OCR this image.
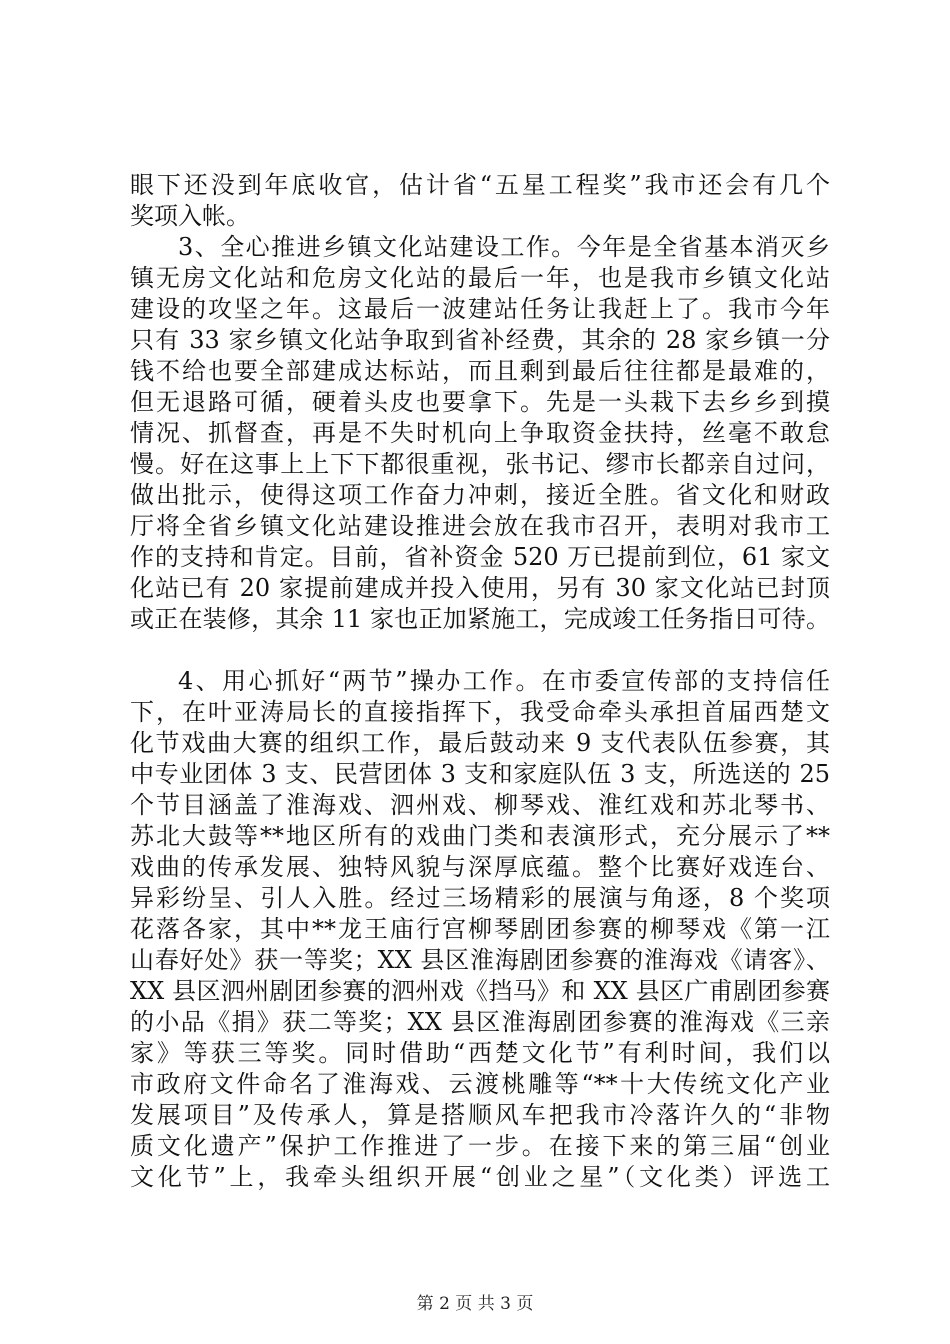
眼下还没到年底收官，估计省“五星工程奖”我市还会有几个
奖项入帐。
3、全心推进乡镇文化站建设工作。今年是全省基本消灭乡
镇无房文化站和危房文化站的最后一年，也是我市乡镇文化站
建设的攻坚之年。这最后一波建站任务让我赶上了。我市今年
只有 33 家乡镇文化站争取到省补经费，其余的 28 家乡镇一分
钱不给也要全部建成达标站，而且剩到最后往往都是最难的，
但无退路可循，硬着头皮也要拿下。先是一头栽下去乡乡到摸
情况、抓督查，再是不失时机向上争取资金扶持，丝毫不敢怠
慢。好在这事上上下下都很重视，张书记、缪市长都亲自过问，
做出批示，使得这项工作奋力冲刺，接近全胜。省文化和财政
厅将全省乡镇文化站建设推进会放在我市召开，表明对我市工
作的支持和肯定。目前，省补资金 520 万已提前到位，61 家文
化站已有 20 家提前建成并投入使用，另有 30 家文化站已封顶
或正在装修，其余 11 家也正加紧施工，完成竣工任务指日可待。
4、用心抓好“两节”操办工作。在市委宣传部的支持信任
下，在叶亚涛局长的直接指挥下，我受命牵头承担首届西楚文
化节戏曲大赛的组织工作，最后鼓动来 9 支代表队伍参赛，其
中专业团体 3 支、民营团体 3 支和家庭队伍 3 支，所选送的 25
个节目涵盖了淮海戏、泗州戏、柳琴戏、淮红戏和苏北琴书、
苏北大鼓等**地区所有的戏曲门类和表演形式，充分展示了**
戏曲的传承发展、独特风貌与深厚底蕴。整个比赛好戏连台、
异彩纷呈、引人入胜。经过三场精彩的展演与角逐，8 个奖项
花落各家，其中**龙王庙行宫柳琴剧团参赛的柳琴戏《第一江
山春好处》获一等奖；XX 县区淮海剧团参赛的淮海戏《请客》、
XX 县区泗州剧团参赛的泗州戏《挡马》和 XX 县区广甫剧团参赛
的小品《捐》获二等奖；XX 县区淮海剧团参赛的淮海戏《三亲
家》等获三等奖。同时借助“西楚文化节”有利时间，我们以
市政府文件命名了淮海戏、云渡桃雕等“**十大传统文化产业
发展项目”及传承人，算是搭顺风车把我市冷落许久的“非物
质文化遗产”保护工作推进了一步。在接下来的第三届“创业
文化节”上，我牵头组织开展“创业之星”（文化类）评选工
第 2 页 共 3 页
